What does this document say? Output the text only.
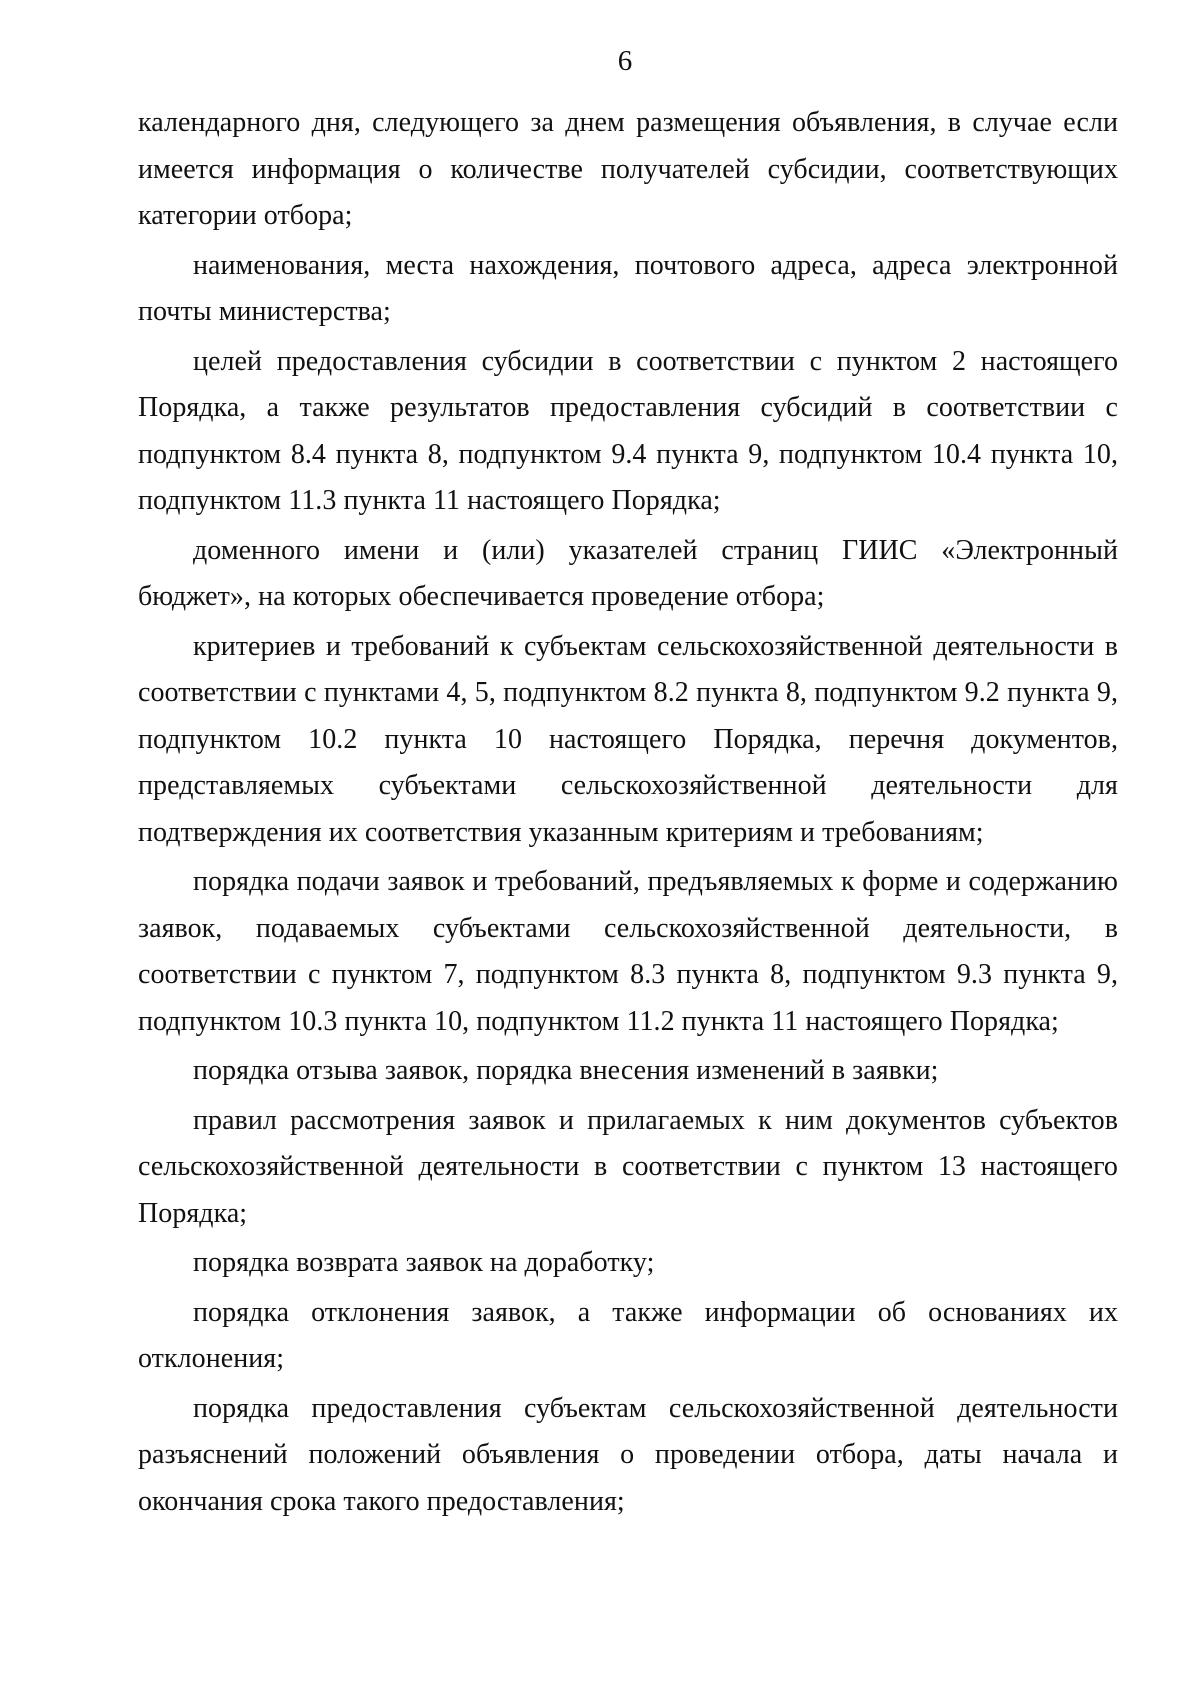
6

календарного дня, следующего за днем размещения объявления, в случае если имеется информация о количестве получателей субсидии, соответствующих категории отбора;

наименования, места нахождения, почтового адреса, адреса электронной почты министерства;

целей предоставления субсидии в соответствии с пунктом 2 настоящего Порядка, а также результатов предоставления субсидий в соответствии с подпунктом 8.4 пункта 8, подпунктом 9.4 пункта 9, подпунктом 10.4 пункта 10, подпунктом 11.3 пункта 11 настоящего Порядка;

доменного имени и (или) указателей страниц ГИИС «Электронный бюджет», на которых обеспечивается проведение отбора;

критериев и требований к субъектам сельскохозяйственной деятельности в соответствии с пунктами 4, 5, подпунктом 8.2 пункта 8, подпунктом 9.2 пункта 9, подпунктом 10.2 пункта 10 настоящего Порядка, перечня документов, представляемых субъектами сельскохозяйственной деятельности для подтверждения их соответствия указанным критериям и требованиям;

порядка подачи заявок и требований, предъявляемых к форме и содержанию заявок, подаваемых субъектами сельскохозяйственной деятельности, в соответствии с пунктом 7, подпунктом 8.3 пункта 8, подпунктом 9.3 пункта 9, подпунктом 10.3 пункта 10, подпунктом 11.2 пункта 11 настоящего Порядка;

порядка отзыва заявок, порядка внесения изменений в заявки;

правил рассмотрения заявок и прилагаемых к ним документов субъектов сельскохозяйственной деятельности в соответствии с пунктом 13 настоящего Порядка;

порядка возврата заявок на доработку;

порядка отклонения заявок, а также информации об основаниях их отклонения;

порядка предоставления субъектам сельскохозяйственной деятельности разъяснений положений объявления о проведении отбора, даты начала и окончания срока такого предоставления;
